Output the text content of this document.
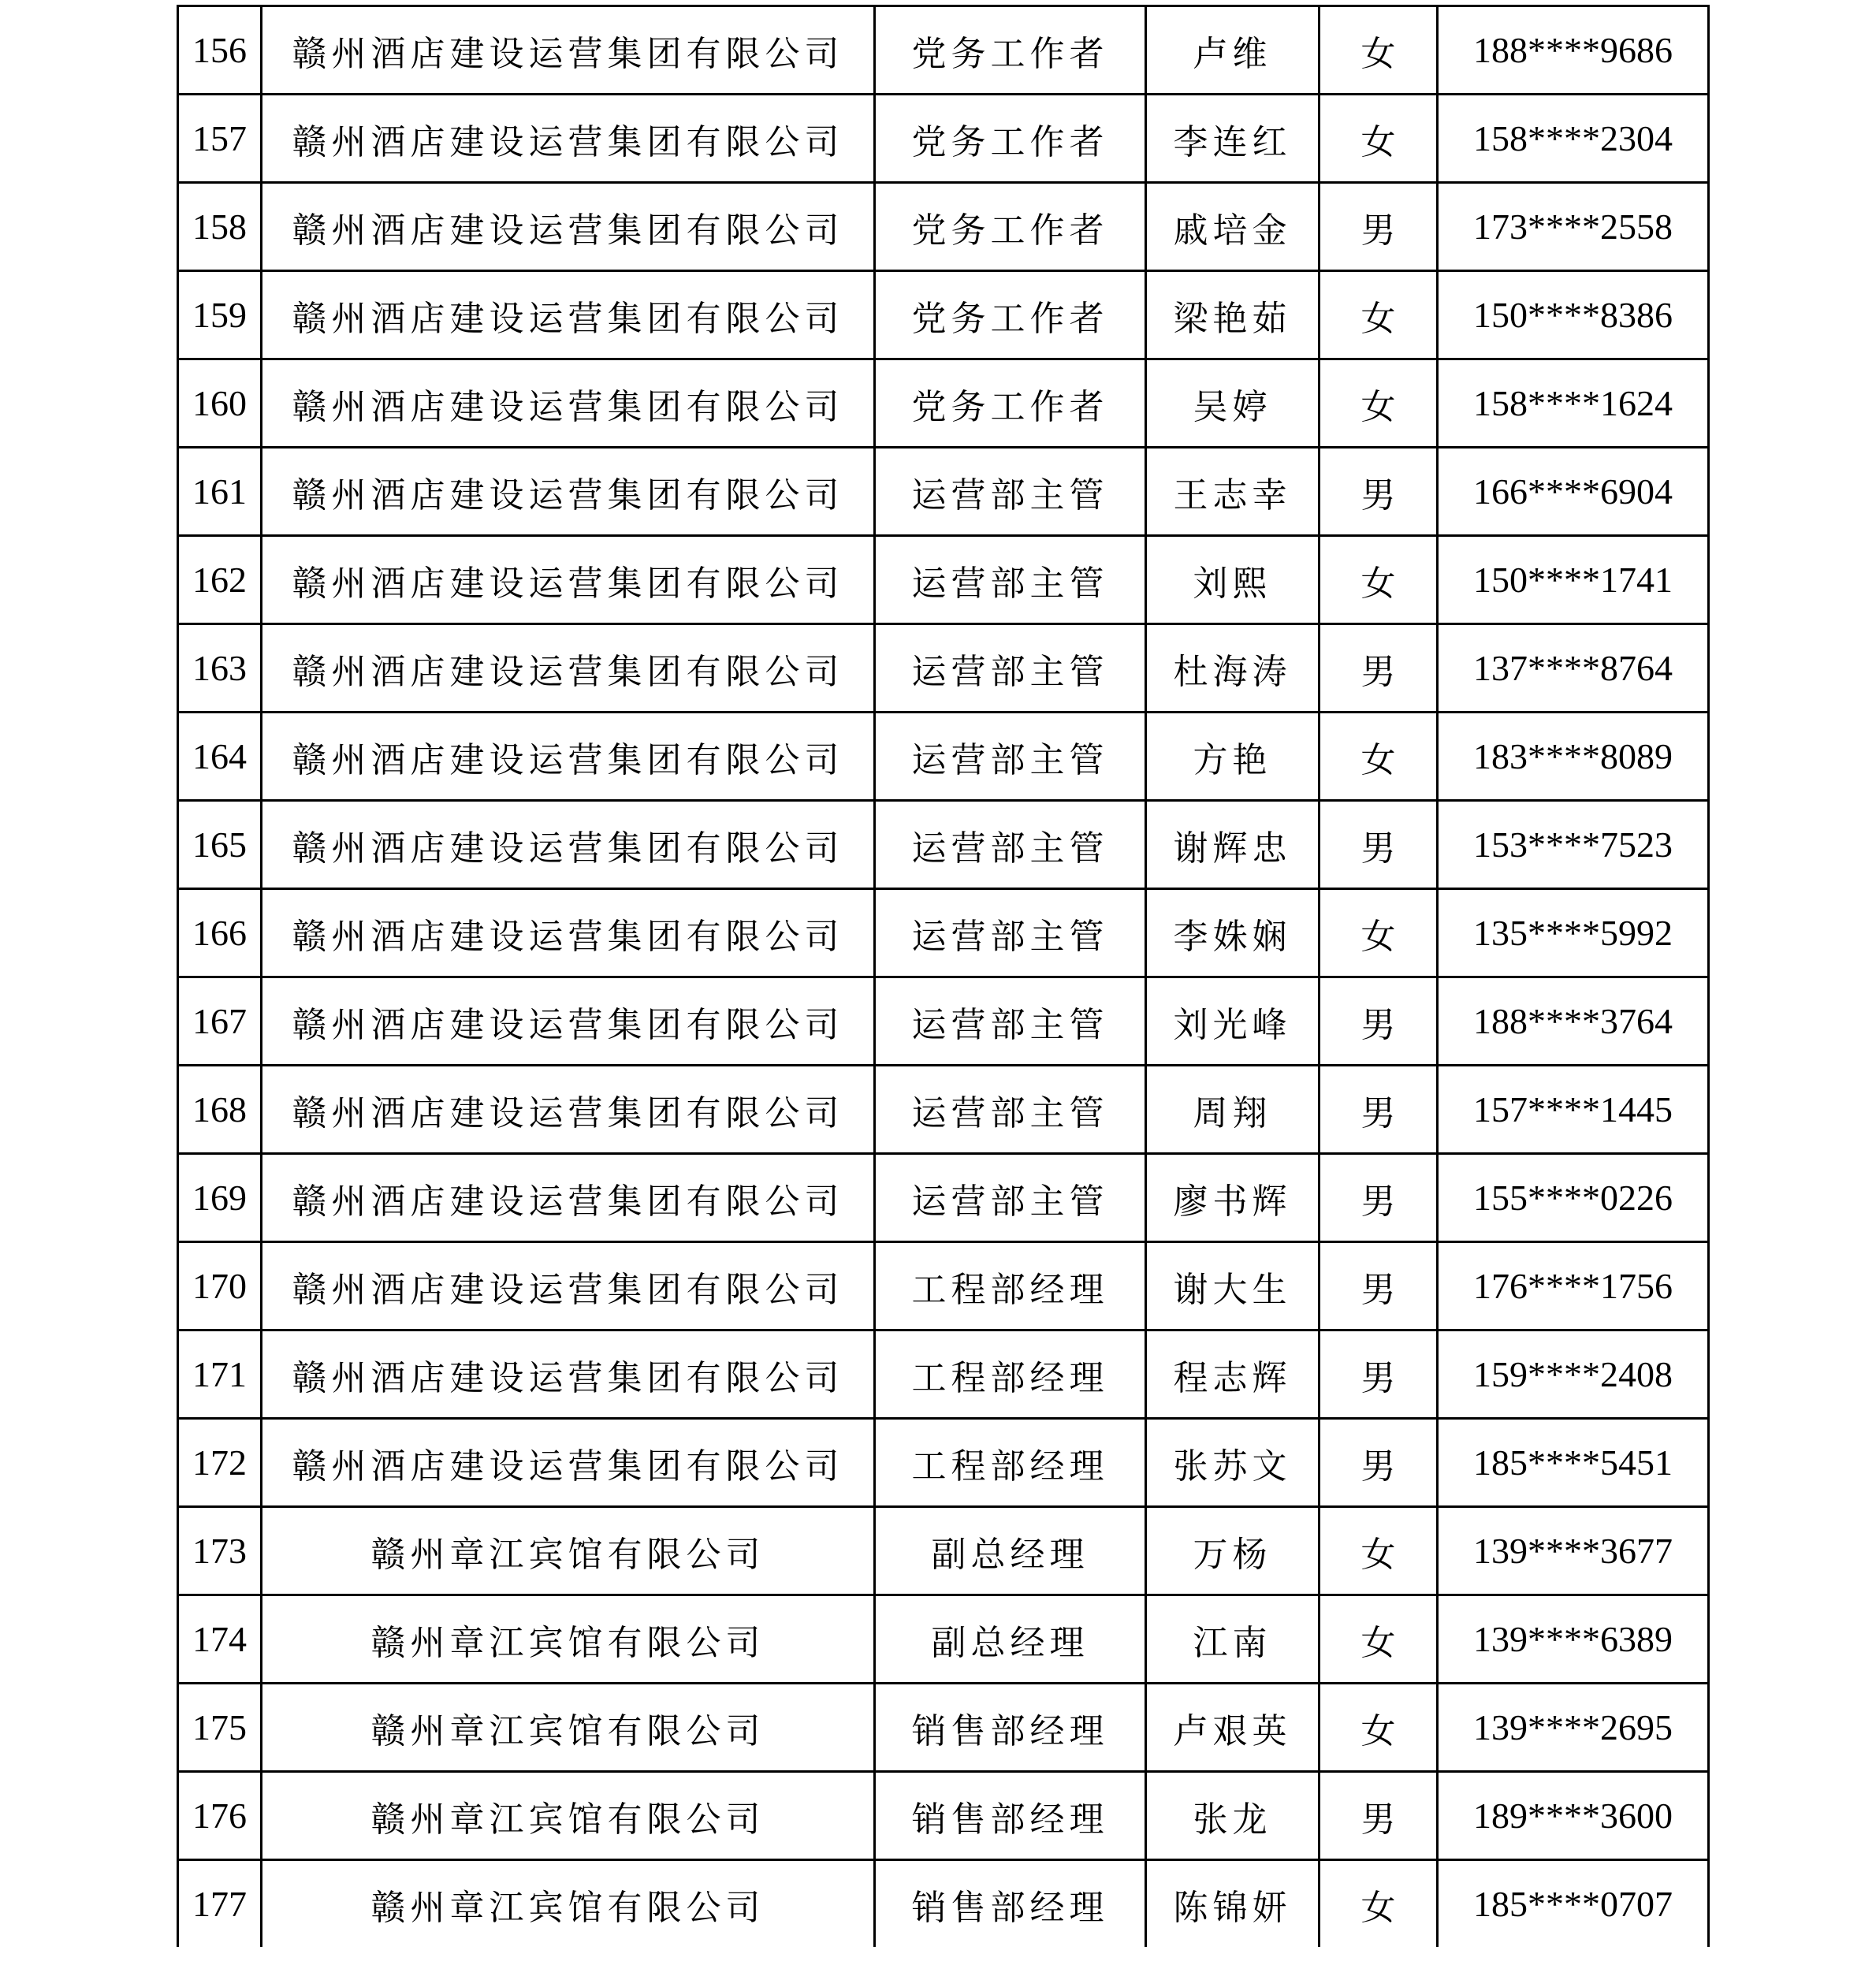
156	赣州酒店建设运营集团有限公司	党务工作者	卢维	女	188****9686
157	赣州酒店建设运营集团有限公司	党务工作者	李连红	女	158****2304
158	赣州酒店建设运营集团有限公司	党务工作者	戚培金	男	173****2558
159	赣州酒店建设运营集团有限公司	党务工作者	梁艳茹	女	150****8386
160	赣州酒店建设运营集团有限公司	党务工作者	吴婷	女	158****1624
161	赣州酒店建设运营集团有限公司	运营部主管	王志幸	男	166****6904
162	赣州酒店建设运营集团有限公司	运营部主管	刘熙	女	150****1741
163	赣州酒店建设运营集团有限公司	运营部主管	杜海涛	男	137****8764
164	赣州酒店建设运营集团有限公司	运营部主管	方艳	女	183****8089
165	赣州酒店建设运营集团有限公司	运营部主管	谢辉忠	男	153****7523
166	赣州酒店建设运营集团有限公司	运营部主管	李姝娴	女	135****5992
167	赣州酒店建设运营集团有限公司	运营部主管	刘光峰	男	188****3764
168	赣州酒店建设运营集团有限公司	运营部主管	周翔	男	157****1445
169	赣州酒店建设运营集团有限公司	运营部主管	廖书辉	男	155****0226
170	赣州酒店建设运营集团有限公司	工程部经理	谢大生	男	176****1756
171	赣州酒店建设运营集团有限公司	工程部经理	程志辉	男	159****2408
172	赣州酒店建设运营集团有限公司	工程部经理	张苏文	男	185****5451
173	赣州章江宾馆有限公司	副总经理	万杨	女	139****3677
174	赣州章江宾馆有限公司	副总经理	江南	女	139****6389
175	赣州章江宾馆有限公司	销售部经理	卢艰英	女	139****2695
176	赣州章江宾馆有限公司	销售部经理	张龙	男	189****3600
177	赣州章江宾馆有限公司	销售部经理	陈锦妍	女	185****0707
